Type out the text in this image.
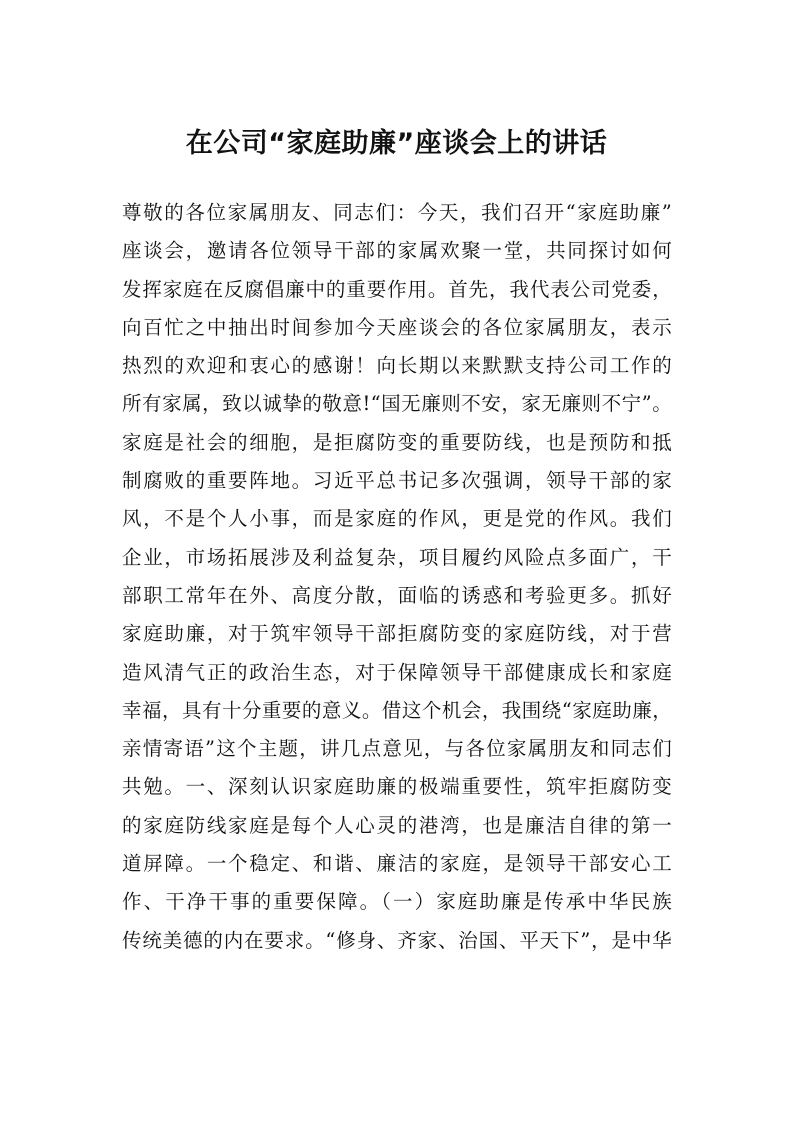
在公司“家庭助廉”座谈会上的讲话
尊敬的各位家属朋友、同志们：今天，我们召开“家庭助廉”
座谈会，邀请各位领导干部的家属欢聚一堂，共同探讨如何
发挥家庭在反腐倡廉中的重要作用。首先，我代表公司党委，
向百忙之中抽出时间参加今天座谈会的各位家属朋友，表示
热烈的欢迎和衷心的感谢！向长期以来默默支持公司工作的
所有家属，致以诚挚的敬意!“国无廉则不安，家无廉则不宁”。
家庭是社会的细胞，是拒腐防变的重要防线，也是预防和抵
制腐败的重要阵地。习近平总书记多次强调，领导干部的家
风，不是个人小事，而是家庭的作风，更是党的作风。我们
企业，市场拓展涉及利益复杂，项目履约风险点多面广，干
部职工常年在外、高度分散，面临的诱惑和考验更多。抓好
家庭助廉，对于筑牢领导干部拒腐防变的家庭防线，对于营
造风清气正的政治生态，对于保障领导干部健康成长和家庭
幸福，具有十分重要的意义。借这个机会，我围绕“家庭助廉，
亲情寄语”这个主题，讲几点意见，与各位家属朋友和同志们
共勉。一、深刻认识家庭助廉的极端重要性，筑牢拒腐防变
的家庭防线家庭是每个人心灵的港湾，也是廉洁自律的第一
道屏障。一个稳定、和谐、廉洁的家庭，是领导干部安心工
作、干净干事的重要保障。（一）家庭助廉是传承中华民族
传统美德的内在要求。“修身、齐家、治国、平天下”，是中华
